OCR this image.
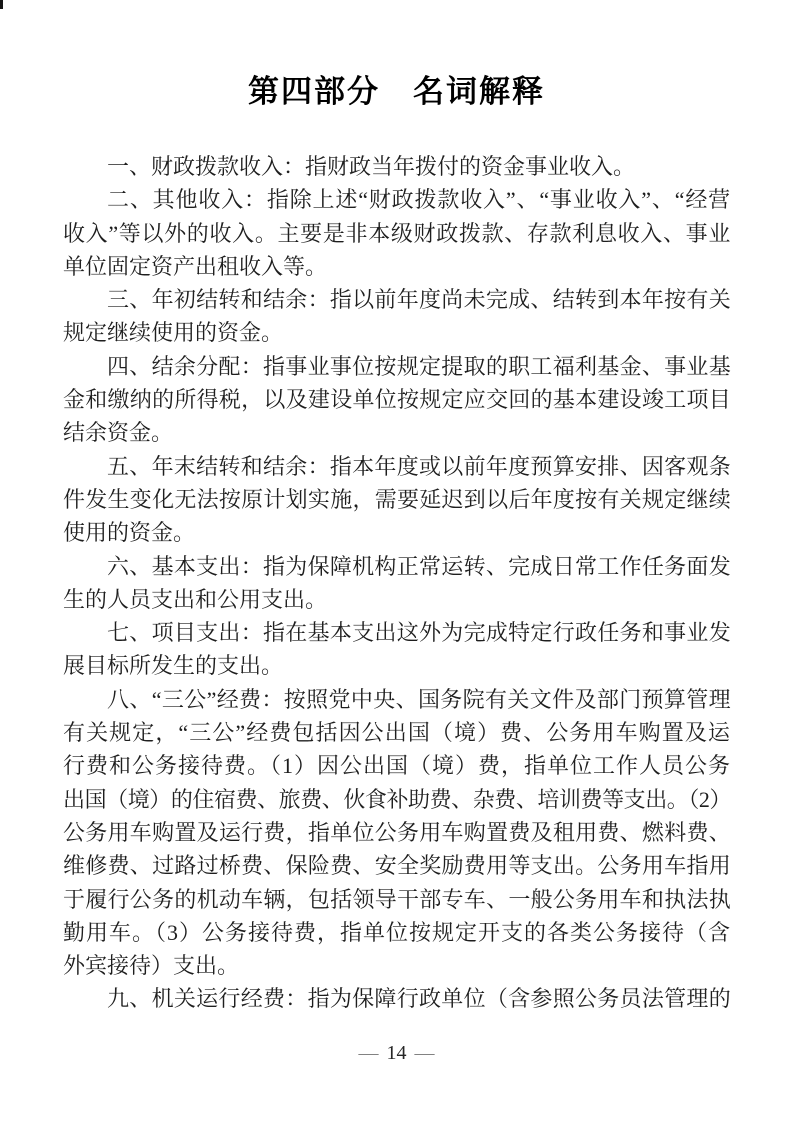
第四部分　名词解释
一、财政拨款收入：指财政当年拨付的资金事业收入。
二、其他收入：指除上述“财政拨款收入”、“事业收入”、“经营
收入”等以外的收入。主要是非本级财政拨款、存款利息收入、事业
单位固定资产出租收入等。
三、年初结转和结余：指以前年度尚未完成、结转到本年按有关
规定继续使用的资金。
四、结余分配：指事业事位按规定提取的职工福利基金、事业基
金和缴纳的所得税，以及建设单位按规定应交回的基本建设竣工项目
结余资金。
五、年末结转和结余：指本年度或以前年度预算安排、因客观条
件发生变化无法按原计划实施，需要延迟到以后年度按有关规定继续
使用的资金。
六、基本支出：指为保障机构正常运转、完成日常工作任务面发
生的人员支出和公用支出。
七、项目支出：指在基本支出这外为完成特定行政任务和事业发
展目标所发生的支出。
八、“三公”经费：按照党中央、国务院有关文件及部门预算管理
有关规定，“三公”经费包括因公出国（境）费、公务用车购置及运
行费和公务接待费。（1）因公出国（境）费，指单位工作人员公务
出国（境）的住宿费、旅费、伙食补助费、杂费、培训费等支出。（2）
公务用车购置及运行费，指单位公务用车购置费及租用费、燃料费、
维修费、过路过桥费、保险费、安全奖励费用等支出。公务用车指用
于履行公务的机动车辆，包括领导干部专车、一般公务用车和执法执
勤用车。（3）公务接待费，指单位按规定开支的各类公务接待（含
外宾接待）支出。
九、机关运行经费：指为保障行政单位（含参照公务员法管理的
— 14 —
